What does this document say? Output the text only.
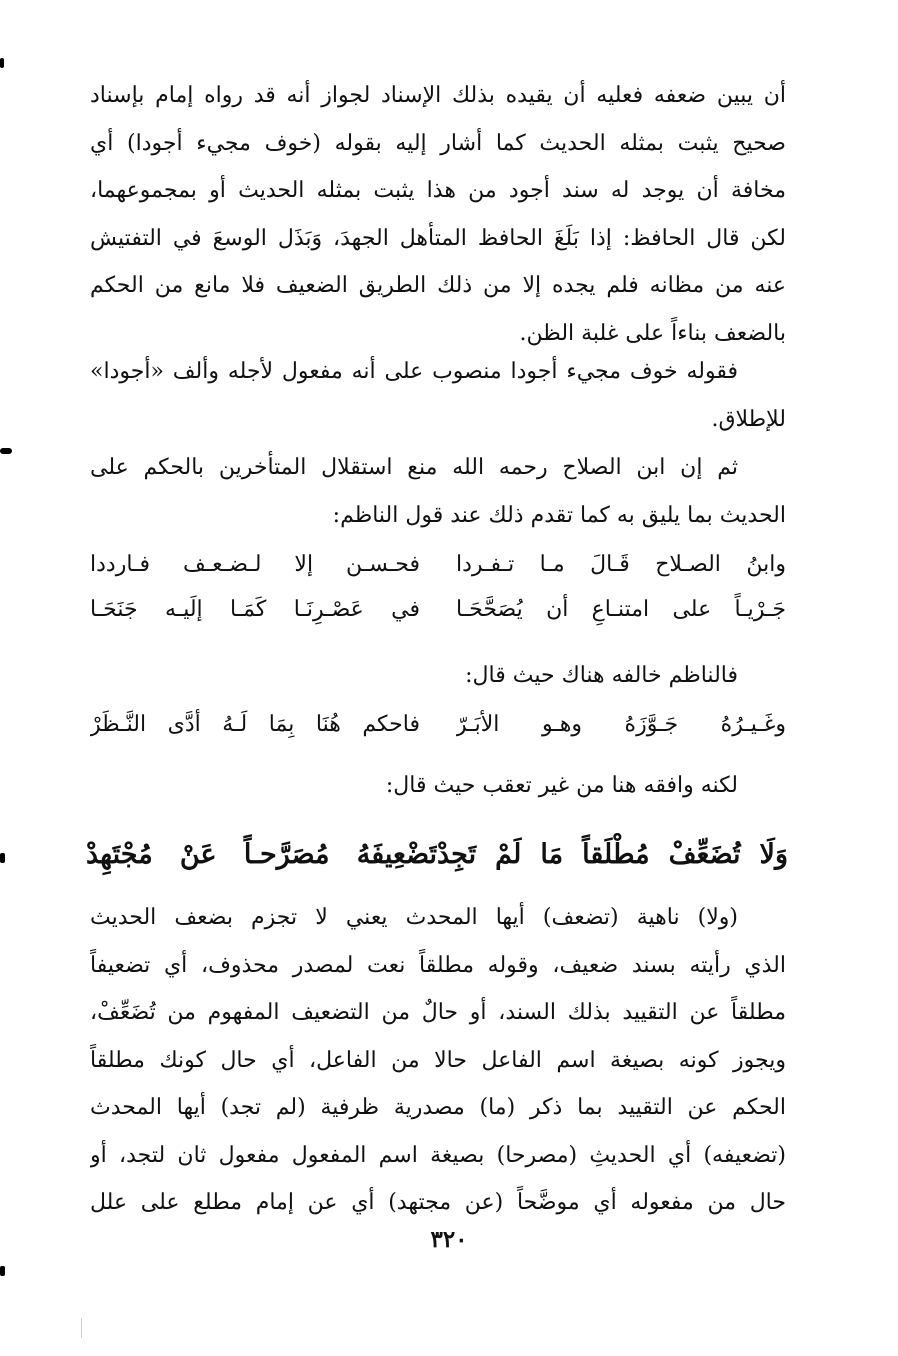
أن يبين ضعفه فعليه أن يقيده بذلك الإسناد لجواز أنه قد رواه إمام بإسناد
صحيح يثبت بمثله الحديث كما أشار إليه بقوله (خوف مجيء أجودا) أي
مخافة أن يوجد له سند أجود من هذا يثبت بمثله الحديث أو بمجموعهما،
لكن قال الحافظ: إذا بَلَغَ الحافظ المتأهل الجهدَ، وَبَذَل الوسعَ في التفتيش
عنه من مظانه فلم يجده إلا من ذلك الطريق الضعيف فلا مانع من الحكم
بالضعف بناءاً على غلبة الظن.
فقوله خوف مجيء أجودا منصوب على أنه مفعول لأجله وألف «أجودا»
للإطلاق.
ثم إن ابن الصلاح رحمه الله منع استقلال المتأخرين بالحكم على
الحديث بما يليق به كما تقدم ذلك عند قول الناظم:
وابنُ الصـلاح قَـالَ مـا تـفـردا
فحـسـن إلا لـضـعـف فـارددا
جَـرْيـاً على امتنـاعِ أن يُصَحَّحَـا
في عَصْـرِنَـا كَمَـا إلَيـه جَنَحَـا
فالناظم خالفه هناك حيث قال:
وغَـيـرُهُ جَـوَّزَهُ وهـو الأبَـرّ
فاحكم هُنَا بِمَا لَـهُ أدَّى النَّـظَرْ
لكنه وافقه هنا من غير تعقب حيث قال:
وَلَا تُضَعِّفْ مُطْلَقاً مَا لَمْ تَجِدْ
تَضْعِيفَهُ مُصَرَّحـاً عَنْ مُجْتَهِدْ
(ولا) ناهية (تضعف) أيها المحدث يعني لا تجزم بضعف الحديث
الذي رأيته بسند ضعيف، وقوله مطلقاً نعت لمصدر محذوف، أي تضعيفاً
مطلقاً عن التقييد بذلك السند، أو حالٌ من التضعيف المفهوم من تُضَعِّفْ،
ويجوز كونه بصيغة اسم الفاعل حالا من الفاعل، أي حال كونك مطلقاً
الحكم عن التقييد بما ذكر (ما) مصدرية ظرفية (لم تجد) أيها المحدث
(تضعيفه) أي الحديثِ (مصرحا) بصيغة اسم المفعول مفعول ثان لتجد، أو
حال من مفعوله أي موضَّحاً (عن مجتهد) أي عن إمام مطلع على علل
٣٢٠
